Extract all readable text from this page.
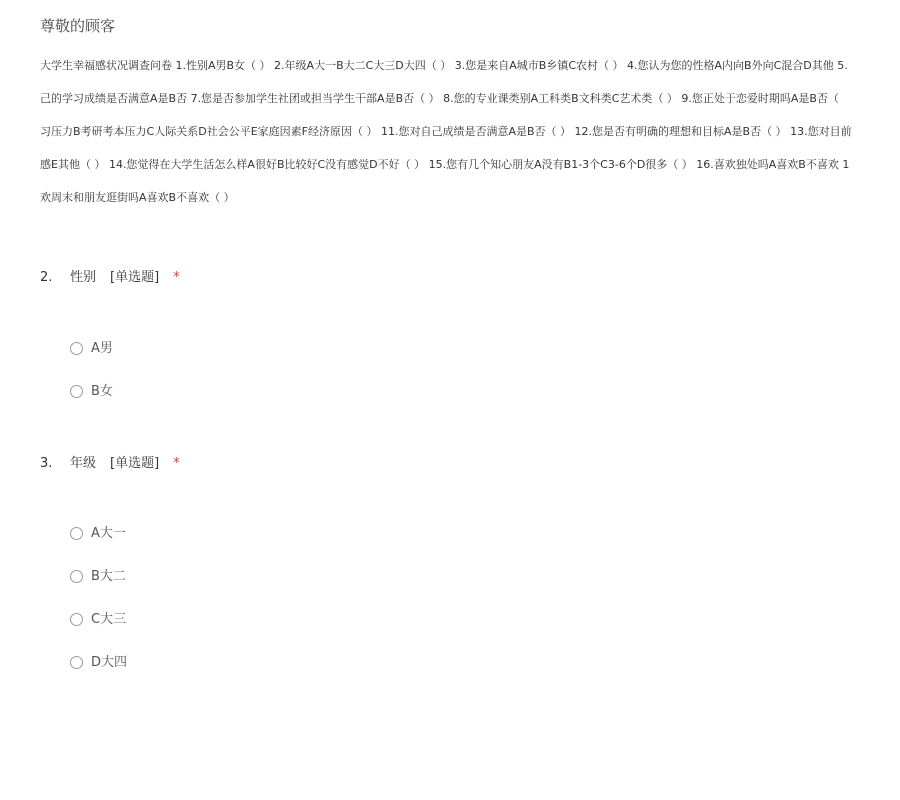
尊敬的顾客
大学生幸福感状况调查问卷 1.性别A男B女（ ） 2.年级A大一B大二C大三D大四（ ） 3.您是来自A城市B乡镇C农村（ ） 4.您认为您的性格A内向B外向C混合D其他 5.
己的学习成绩是否满意A是B否 7.您是否参加学生社团或担当学生干部A是B否（ ） 8.您的专业课类别A工科类B文科类C艺术类（ ） 9.您正处于恋爱时期吗A是B否（
习压力B考研考本压力C人际关系D社会公平E家庭因素F经济原因（ ） 11.您对自己成绩是否满意A是B否（ ） 12.您是否有明确的理想和目标A是B否（ ） 13.您对目前
感E其他（ ） 14.您觉得在大学生活怎么样A很好B比较好C没有感觉D不好（ ） 15.您有几个知心朋友A没有B1-3个C3-6个D很多（ ） 16.喜欢独处吗A喜欢B不喜欢 1
欢周末和朋友逛街吗A喜欢B不喜欢（ ）
2. 性别 [单选题] *
A男
B女
3. 年级 [单选题] *
A大一
B大二
C大三
D大四
